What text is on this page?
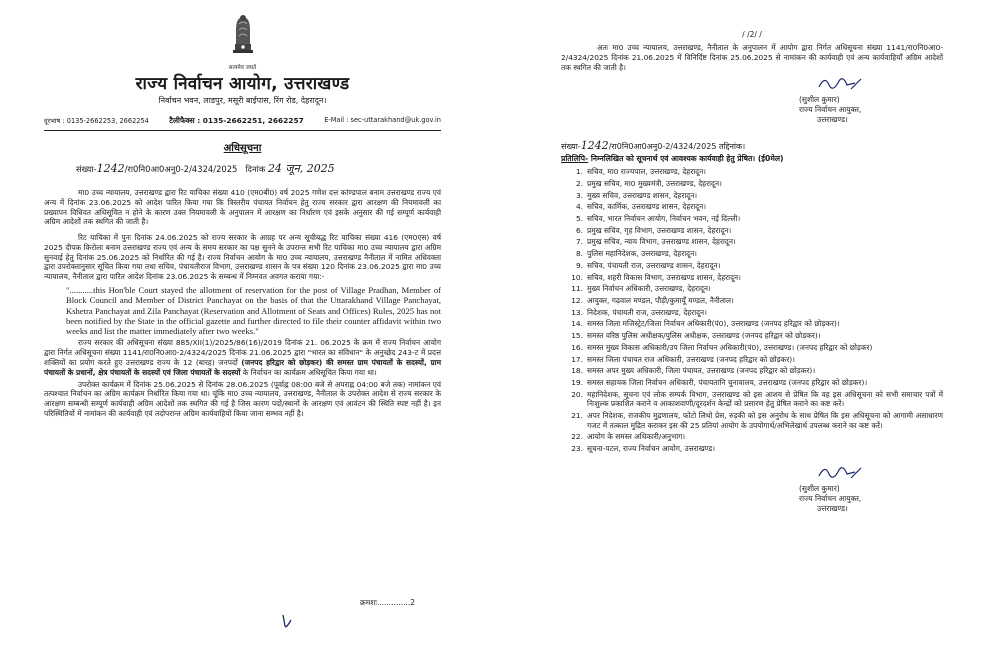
सत्यमेव जयते
राज्य निर्वाचन आयोग, उत्तराखण्ड
निर्वाचन भवन, लाडपुर, मसूरी बाईपास, रिंग रोड, देहरादून।
दूरभाष : 0135-2662253, 2662254	टैलीफैक्स : 0135-2662251, 2662257	E-Mail : sec-uttarakhand@uk.gov.in
अधिसूचना
संख्या-1242/रा0नि0आ0अनु0-2/4324/2025 दिनांक 24 जून, 2025

मा0 उच्च न्यायालय, उत्तराखण्ड द्वारा रिट याचिका संख्या 410 (एम0बी0) वर्ष 2025 गणेश दत्त कांण्डपाल बनाम उत्तराखण्ड राज्य एवं अन्य में दिनांक 23.06.2025 को आदेश पारित किया गया कि त्रिस्तरीय पंचायत निर्वाचन हेतु राज्य सरकार द्वारा आरक्षण की नियमावली का प्रख्यापन विधिवत अधिसूचित न होने के कारण उक्त नियमावली के अनुपालन में आरक्षण का निर्धारण एवं इसके अनुसार की गई सम्पूर्ण कार्यवाही अग्रिम आदेशों तक स्थगित की जाती है।

रिट याचिका में पुनः दिनांक 24.06.2025 को राज्य सरकार के आग्रह पर अन्य सूचीबद्ध रिट याचिका संख्या 416 (एम0एस) वर्ष 2025 दीपक किरोला बनाम उत्तराखण्ड राज्य एवं अन्य के समय सरकार का पक्ष सुनने के उपरान्त सभी रिट याचिका मा0 उच्च न्यायालय द्वारा अग्रिम सुनवाई हेतु दिनांक 25.06.2025 को निर्धारित की गई है। राज्य निर्वाचन आयोग के मा0 उच्च न्यायालय, उत्तराखण्ड नैनीताल में नामित अधिवक्ता द्वारा उपरोक्तानुसार सूचित किया गया तथा सचिव, पंचायतीराज विभाग, उत्तराखण्ड शासन के पत्र संख्या 120 दिनांक 23.06.2025 द्वारा मा0 उच्च न्यायालय, नैनीताल द्वारा पारित आदेश दिनांक 23.06.2025 के सम्बन्ध में निम्नवत अवगत कराया गया:-

"...........this Hon'ble Court stayed the allotment of reservation for the post of Village Pradhan, Member of Block Council and Member of District Panchayat on the basis of that the Uttarakhand Village Panchayat, Kshetra Panchayat and Zila Panchayat (Reservation and Allotment of Seats and Offices) Rules, 2025 has not been notified by the State in the official gazette and further directed to file their counter affidavit within two weeks and list the matter immediately after two weeks."

राज्य सरकार की अधिसूचना संख्या 885/XII(1)/2025/86(16)/2019 दिनांक 21. 06.2025 के क्रम में राज्य निर्वाचन आयोग द्वारा निर्गत अधिसूचना संख्या 1141/रा0नि0आ0-2/4324/2025 दिनांक 21.06.2025 द्वारा "भारत का संविधान" के अनुच्छेद 243-ट में प्रदत्त शक्तियों का प्रयोग करते हुए उत्तराखण्ड राज्य के 12 (बारह) जनपदों (जनपद हरिद्वार को छोड़कर) की समस्त ग्राम पंचायतों के सदस्यों, ग्राम पंचायतों के प्रधानों, क्षेत्र पंचायतों के सदस्यों एवं जिला पंचायतों के सदस्यों के निर्वाचन का कार्यक्रम अधिसूचित किया गया था।

उपरोक्त कार्यक्रम में दिनांक 25.06.2025 से दिनांक 28.06.2025 (पूर्वाह्न 08:00 बजे से अपराह्न 04:00 बजे तक) नामांकन एवं तत्पश्चात निर्वाचन का अग्रिम कार्यक्रम निर्धारित किया गया था। चूंकि मा0 उच्च न्यायालय, उत्तराखण्ड, नैनीताल के उपरोक्त आदेश से राज्य सरकार के आरक्षण सम्बन्धी सम्पूर्ण कार्यवाही अग्रिम आदेशों तक स्थगित की गई है जिस कारण पदों/स्थानों के आरक्षण एवं आवंटन की स्थिति स्पष्ट नहीं है। इन परिस्थितियों में नामांकन की कार्यवाही एवं तदोपरान्त अग्रिम कार्यवाहियों किया जाना सम्भव नहीं है।

क्रमशः..............2
/ /2/ /

अतः मा0 उच्च न्यायालय, उत्तराखण्ड, नैनीताल के अनुपालन में आयोग द्वारा निर्गत अधिसूचना संख्या 1141/रा0नि0आ0-2/4324/2025 दिनांक 21.06.2025 में विनिर्दिष्ट दिनांक 25.06.2025 से नामांकन की कार्यवाही एवं अन्य कार्यवाहियाँ अग्रिम आदेशों तक स्थगित की जाती है।

(सुशील कुमार)
राज्य निर्वाचन आयुक्त,
उत्तराखण्ड।
संख्या-1242/रा0नि0आ0अनु0-2/4324/2025 तद्दिनांक।
प्रतिलिपि- निम्नलिखित को सूचनार्थ एवं आवश्यक कार्यवाही हेतु प्रेषित। (ई0मेल)
1. सचिव, मा0 राज्यपाल, उत्तराखण्ड, देहरादून।
2. प्रमुख सचिव, मा0 मुख्यमंत्री, उत्तराखण्ड, देहरादून।
3. मुख्य सचिव, उत्तराखण्ड शासन, देहरादून।
4. सचिव, कार्मिक, उत्तराखण्ड शासन, देहरादून।
5. सचिव, भारत निर्वाचन आयोग, निर्वाचन भवन, नई दिल्ली।
6. प्रमुख सचिव, गृह विभाग, उत्तराखण्ड शासन, देहरादून।
7. प्रमुख सचिव, न्याय विभाग, उत्तराखण्ड शासन, देहरादून।
8. पुलिस महानिदेशक, उत्तराखण्ड, देहरादून।
9. सचिव, पंचायती राज, उत्तराखण्ड शासन, देहरादून।
10. सचिव, शहरी विकास विभाग, उत्तराखण्ड शासन, देहरादून।
11. मुख्य निर्वाचन अधिकारी, उत्तराखण्ड, देहरादून।
12. आयुक्त, गढ़वाल मण्डल, पौड़ी/कुमायूँ मण्डल, नैनीताल।
13. निदेशक, पंचायती राज, उत्तराखण्ड, देहरादून।
14. समस्त जिला मजिस्ट्रेट/जिला निर्वाचन अधिकारी(पं0), उत्तराखण्ड (जनपद हरिद्वार को छोड़कर)।
15. समस्त वरिष्ठ पुलिस अधीक्षक/पुलिस अधीक्षक, उत्तराखण्ड (जनपद हरिद्वार को छोड़कर)।
16. समस्त मुख्य विकास अधिकारी/उप जिला निर्वाचन अधिकारी(पं0), उत्तराखण्ड। (जनपद हरिद्वार को छोड़कर)
17. समस्त जिला पंचायत राज अधिकारी, उत्तराखण्ड (जनपद हरिद्वार को छोड़कर)।
18. समस्त अपर मुख्य अधिकारी, जिला पंचायत, उत्तराखण्ड (जनपद हरिद्वार को छोड़कर)।
19. समस्त सहायक जिला निर्वाचन अधिकारी, पंचायतानि चुनावालय, उत्तराखण्ड (जनपद हरिद्वार को छोड़कर)।
20. महानिदेशक, सूचना एवं लोक सम्पर्क विभाग, उत्तराखण्ड को इस आशय से प्रेषित कि वह इस अधिसूचना को सभी समाचार पत्रों में निःशुल्क प्रकाशित कराने व आकाशवाणी/दूरदर्शन केन्द्रों को प्रसारण हेतु प्रेषित कराने का कष्ट करें।
21. अपर निदेशक, राजकीय मुद्रणालय, फोटो लिथो प्रेस, रुड़की को इस अनुरोध के साथ प्रेषित कि इस अधिसूचना को आगामी असाधारण गजट में तत्काल मुद्रित कराकर इस की 25 प्रतियां आयोग के उपयोगार्थ/अभिलेखार्थ उपलब्ध कराने का कष्ट करें।
22. आयोग के समस्त अधिकारी/अनुभाग।
23. सूचना-पटल, राज्य निर्वाचन आयोग, उत्तराखण्ड।
(सुशील कुमार)
राज्य निर्वाचन आयुक्त,
उत्तराखण्ड।
